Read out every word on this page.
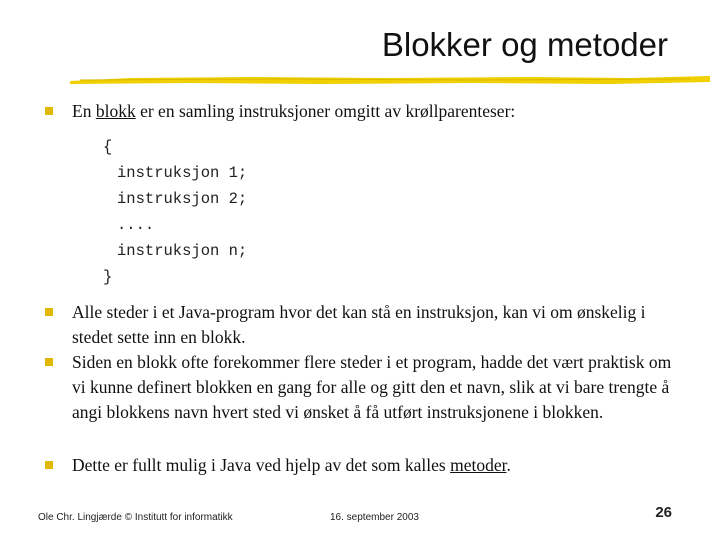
Blokker og metoder
En blokk er en samling instruksjoner omgitt av krøllparenteser:
{
instruksjon 1;
instruksjon 2;
....
instruksjon n;
}
Alle steder i et Java-program hvor det kan stå en instruksjon, kan vi om ønskelig i stedet sette inn en blokk.
Siden en blokk ofte forekommer flere steder i et program, hadde det vært praktisk om vi kunne definert blokken en gang for alle og gitt den et navn, slik at vi bare trengte å angi blokkens navn hvert sted vi ønsket å få utført instruksjonene i blokken.
Dette er fullt mulig i Java ved hjelp av det som kalles metoder.
Ole Chr. Lingjærde © Institutt for informatikk	16. september 2003	26
